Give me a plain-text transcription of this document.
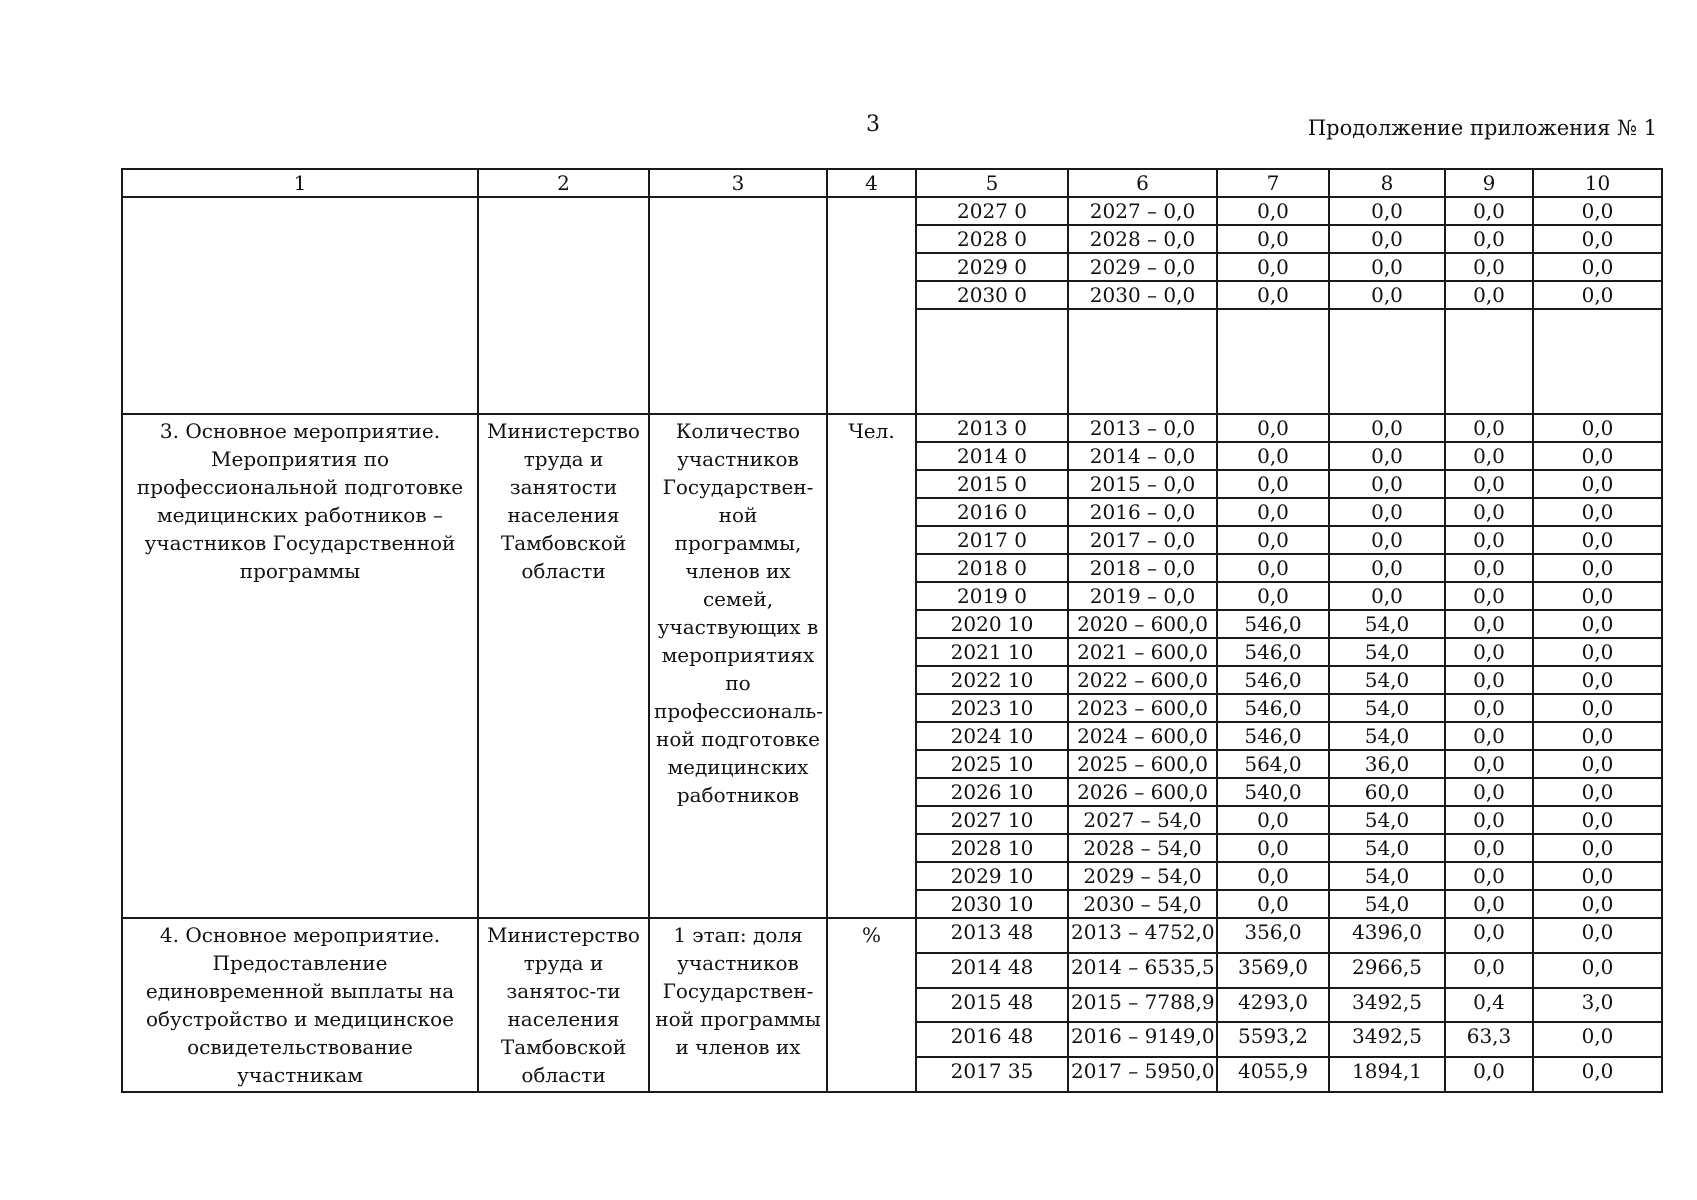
3	Продолжение приложения № 1
1	2	3	4	5	6	7	8	9	10
				2027 0	2027 – 0,0	0,0	0,0	0,0	0,0
				2028 0	2028 – 0,0	0,0	0,0	0,0	0,0
				2029 0	2029 – 0,0	0,0	0,0	0,0	0,0
				2030 0	2030 – 0,0	0,0	0,0	0,0	0,0

3. Основное мероприятие. Мероприятия по профессиональной подготовке медицинских работников – участников Государственной программы	Министерство труда и занятости населения Тамбовской области	Количество участников Государствен-ной программы, членов их семей, участвующих в мероприятиях по профессиональ-ной подготовке медицинских работников	Чел.	2013 0	2013 – 0,0	0,0	0,0	0,0	0,0
				2014 0	2014 – 0,0	0,0	0,0	0,0	0,0
				2015 0	2015 – 0,0	0,0	0,0	0,0	0,0
				2016 0	2016 – 0,0	0,0	0,0	0,0	0,0
				2017 0	2017 – 0,0	0,0	0,0	0,0	0,0
				2018 0	2018 – 0,0	0,0	0,0	0,0	0,0
				2019 0	2019 – 0,0	0,0	0,0	0,0	0,0
				2020 10	2020 – 600,0	546,0	54,0	0,0	0,0
				2021 10	2021 – 600,0	546,0	54,0	0,0	0,0
				2022 10	2022 – 600,0	546,0	54,0	0,0	0,0
				2023 10	2023 – 600,0	546,0	54,0	0,0	0,0
				2024 10	2024 – 600,0	546,0	54,0	0,0	0,0
				2025 10	2025 – 600,0	564,0	36,0	0,0	0,0
				2026 10	2026 – 600,0	540,0	60,0	0,0	0,0
				2027 10	2027 – 54,0	0,0	54,0	0,0	0,0
				2028 10	2028 – 54,0	0,0	54,0	0,0	0,0
				2029 10	2029 – 54,0	0,0	54,0	0,0	0,0
				2030 10	2030 – 54,0	0,0	54,0	0,0	0,0
4. Основное мероприятие. Предоставление единовременной выплаты на обустройство и медицинское освидетельствование участникам	Министерство труда и занятос-ти населения Тамбовской области	1 этап: доля участников Государствен-ной программы и членов их	%	2013 48	2013 – 4752,0	356,0	4396,0	0,0	0,0
				2014 48	2014 – 6535,5	3569,0	2966,5	0,0	0,0
				2015 48	2015 – 7788,9	4293,0	3492,5	0,4	3,0
				2016 48	2016 – 9149,0	5593,2	3492,5	63,3	0,0
				2017 35	2017 – 5950,0	4055,9	1894,1	0,0	0,0
